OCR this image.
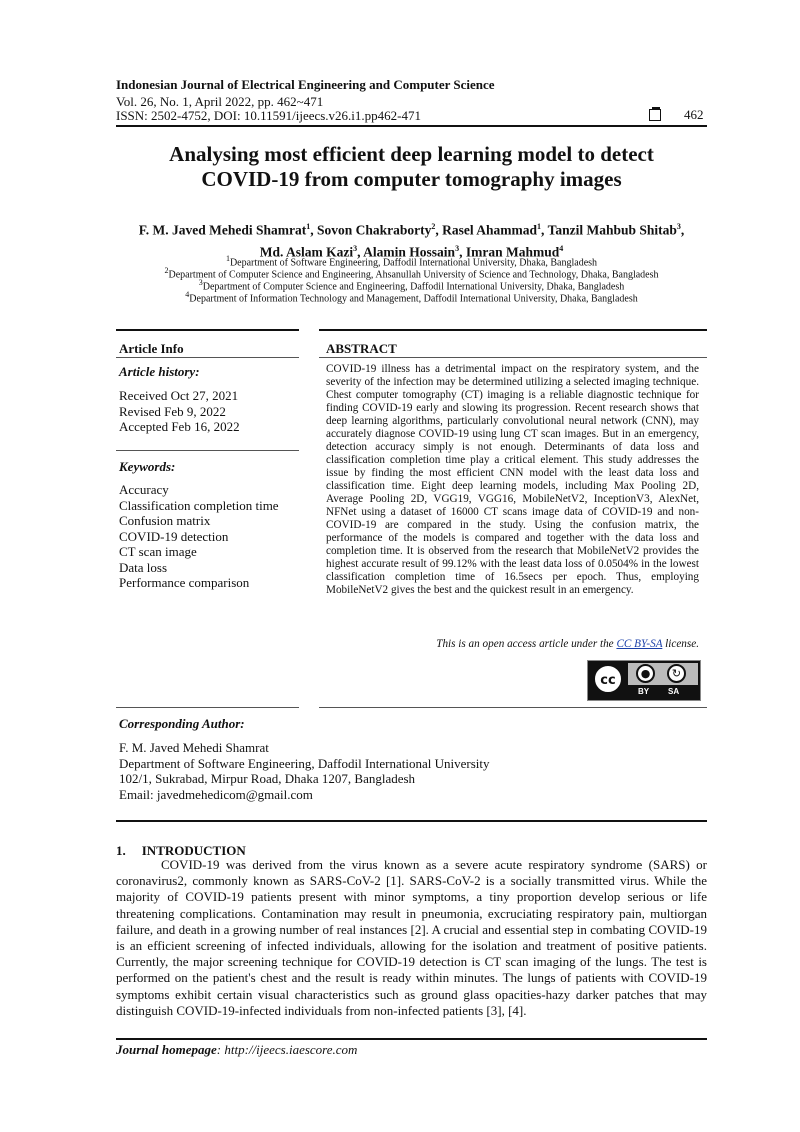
Indonesian Journal of Electrical Engineering and Computer Science
Vol. 26, No. 1, April 2022, pp. 462~471
ISSN: 2502-4752, DOI: 10.11591/ijeecs.v26.i1.pp462-471	462
Analysing most efficient deep learning model to detect
COVID-19 from computer tomography images
F. M. Javed Mehedi Shamrat$^1$, Sovon Chakraborty$^2$, Rasel Ahammad$^1$, Tanzil Mahbub Shitab$^3$,
Md. Aslam Kazi$^3$, Alamin Hossain$^3$, Imran Mahmud$^4$
$^1$Department of Software Engineering, Daffodil International University, Dhaka, Bangladesh
$^2$Department of Computer Science and Engineering, Ahsanullah University of Science and Technology, Dhaka, Bangladesh
$^3$Department of Computer Science and Engineering, Daffodil International University, Dhaka, Bangladesh
$^4$Department of Information Technology and Management, Daffodil International University, Dhaka, Bangladesh
Article Info	ABSTRACT
Article history:
Received Oct 27, 2021
Revised Feb 9, 2022
Accepted Feb 16, 2022
Keywords:
Accuracy
Classification completion time
Confusion matrix
COVID-19 detection
CT scan image
Data loss
Performance comparison
COVID-19 illness has a detrimental impact on the respiratory system, and the severity of the infection may be determined utilizing a selected imaging technique. Chest computer tomography (CT) imaging is a reliable diagnostic technique for finding COVID-19 early and slowing its progression. Recent research shows that deep learning algorithms, particularly convolutional neural network (CNN), may accurately diagnose COVID-19 using lung CT scan images. But in an emergency, detection accuracy simply is not enough. Determinants of data loss and classification completion time play a critical element. This study addresses the issue by finding the most efficient CNN model with the least data loss and classification time. Eight deep learning models, including Max Pooling 2D, Average Pooling 2D, VGG19, VGG16, MobileNetV2, InceptionV3, AlexNet, NFNet using a dataset of 16000 CT scans image data of COVID-19 and non-COVID-19 are compared in the study. Using the confusion matrix, the performance of the models is compared and together with the data loss and completion time. It is observed from the research that MobileNetV2 provides the highest accurate result of 99.12% with the least data loss of 0.0504% in the lowest classification completion time of 16.5secs per epoch. Thus, employing MobileNetV2 gives the best and the quickest result in an emergency.
This is an open access article under the CC BY-SA license.
cc	●	↻
BY SA
Corresponding Author:
F. M. Javed Mehedi Shamrat
Department of Software Engineering, Daffodil International University
102/1, Sukrabad, Mirpur Road, Dhaka 1207, Bangladesh
Email: javedmehedicom@gmail.com
1. INTRODUCTION
COVID-19 was derived from the virus known as a severe acute respiratory syndrome (SARS) or coronavirus2, commonly known as SARS-CoV-2 [1]. SARS-CoV-2 is a socially transmitted virus. While the majority of COVID-19 patients present with minor symptoms, a tiny proportion develop serious or life threatening complications. Contamination may result in pneumonia, excruciating respiratory pain, multiorgan failure, and death in a growing number of real instances [2]. A crucial and essential step in combating COVID-19 is an efficient screening of infected individuals, allowing for the isolation and treatment of positive patients. Currently, the major screening technique for COVID-19 detection is CT scan imaging of the lungs. The test is performed on the patient's chest and the result is ready within minutes. The lungs of patients with COVID-19 symptoms exhibit certain visual characteristics such as ground glass opacities-hazy darker patches that may distinguish COVID-19-infected individuals from non-infected patients [3], [4].
Journal homepage: http://ijeecs.iaescore.com
